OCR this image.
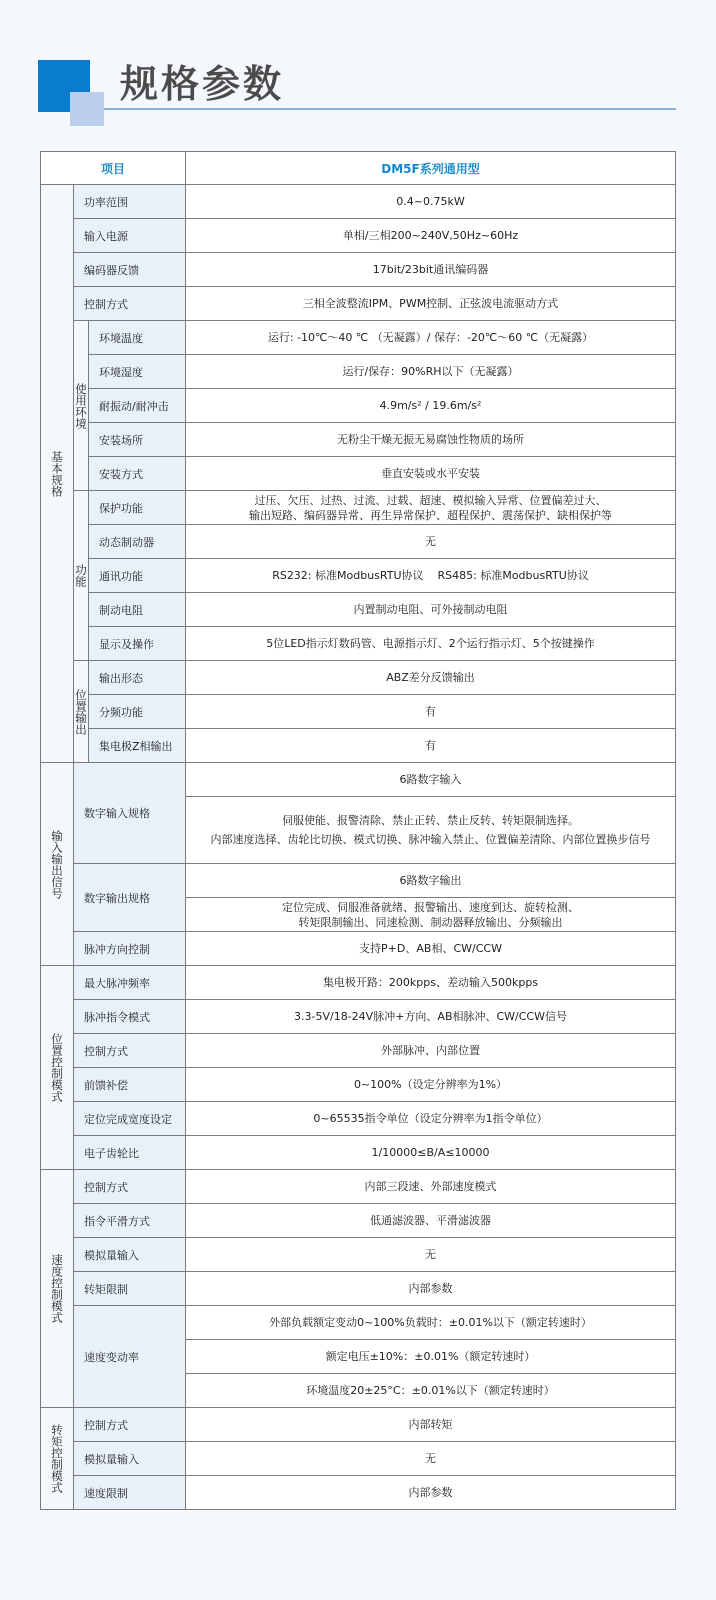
规格参数
项目			DM5F系列通用型
基本规格	功率范围		0.4~0.75kW
	输入电源		单相/三相200~240V,50Hz~60Hz
	编码器反馈		17bit/23bit通讯编码器
	控制方式		三相全波整流IPM、PWM控制、正弦波电流驱动方式
	使用环境	环境温度	运行: -10℃～40 ℃ （无凝露）/ 保存：-20℃～60 ℃（无凝露）
		环境湿度	运行/保存：90%RH以下（无凝露）
		耐振动/耐冲击	4.9m/s² / 19.6m/s²
		安装场所	无粉尘干燥无振无易腐蚀性物质的场所
		安装方式	垂直安装或水平安装
	功能	保护功能	过压、欠压、过热、过流、过载、超速、模拟输入异常、位置偏差过大、
输出短路、编码器异常、再生异常保护、超程保护、震荡保护、缺相保护等

		动态制动器	无
		通讯功能	RS232: 标准ModbusRTU协议    RS485: 标准ModbusRTU协议
		制动电阻	内置制动电阻、可外接制动电阻
		显示及操作	5位LED指示灯数码管、电源指示灯、2个运行指示灯、5个按键操作
	位置输出	输出形态	ABZ差分反馈输出
		分频功能	有
		集电极Z相输出	有
输入输出信号	数字输入规格		6路数字输入

			伺服使能、报警清除、禁止正转、禁止反转、转矩限制选择。
内部速度选择、齿轮比切换、模式切换、脉冲输入禁止、位置偏差清除、内部位置换步信号

	数字输出规格		6路数字输出

			定位完成、伺服准备就绪、报警输出、速度到达、旋转检测、
转矩限制输出、同速检测、制动器释放输出、分频输出

	脉冲方向控制		支持P+D、AB相、CW/CCW
位置控制模式	最大脉冲频率		集电极开路：200kpps、差动输入500kpps
	脉冲指令模式		3.3-5V/18-24V脉冲+方向、AB相脉冲、CW/CCW信号
	控制方式		外部脉冲、内部位置
	前馈补偿		0~100%（设定分辨率为1%）
	定位完成宽度设定		0~65535指令单位（设定分辨率为1指令单位）
	电子齿轮比		1/10000≤B/A≤10000
速度控制模式	控制方式		内部三段速、外部速度模式
	指令平滑方式		低通滤波器、平滑滤波器
	模拟量输入		无
	转矩限制		内部参数
	速度变动率		外部负载额定变动0~100%负载时：±0.01%以下（额定转速时）
			额定电压±10%：±0.01%（额定转速时）
			环境温度20±25°C：±0.01%以下（额定转速时）
转矩控制模式	控制方式		内部转矩
	模拟量输入		无
	速度限制		内部参数
